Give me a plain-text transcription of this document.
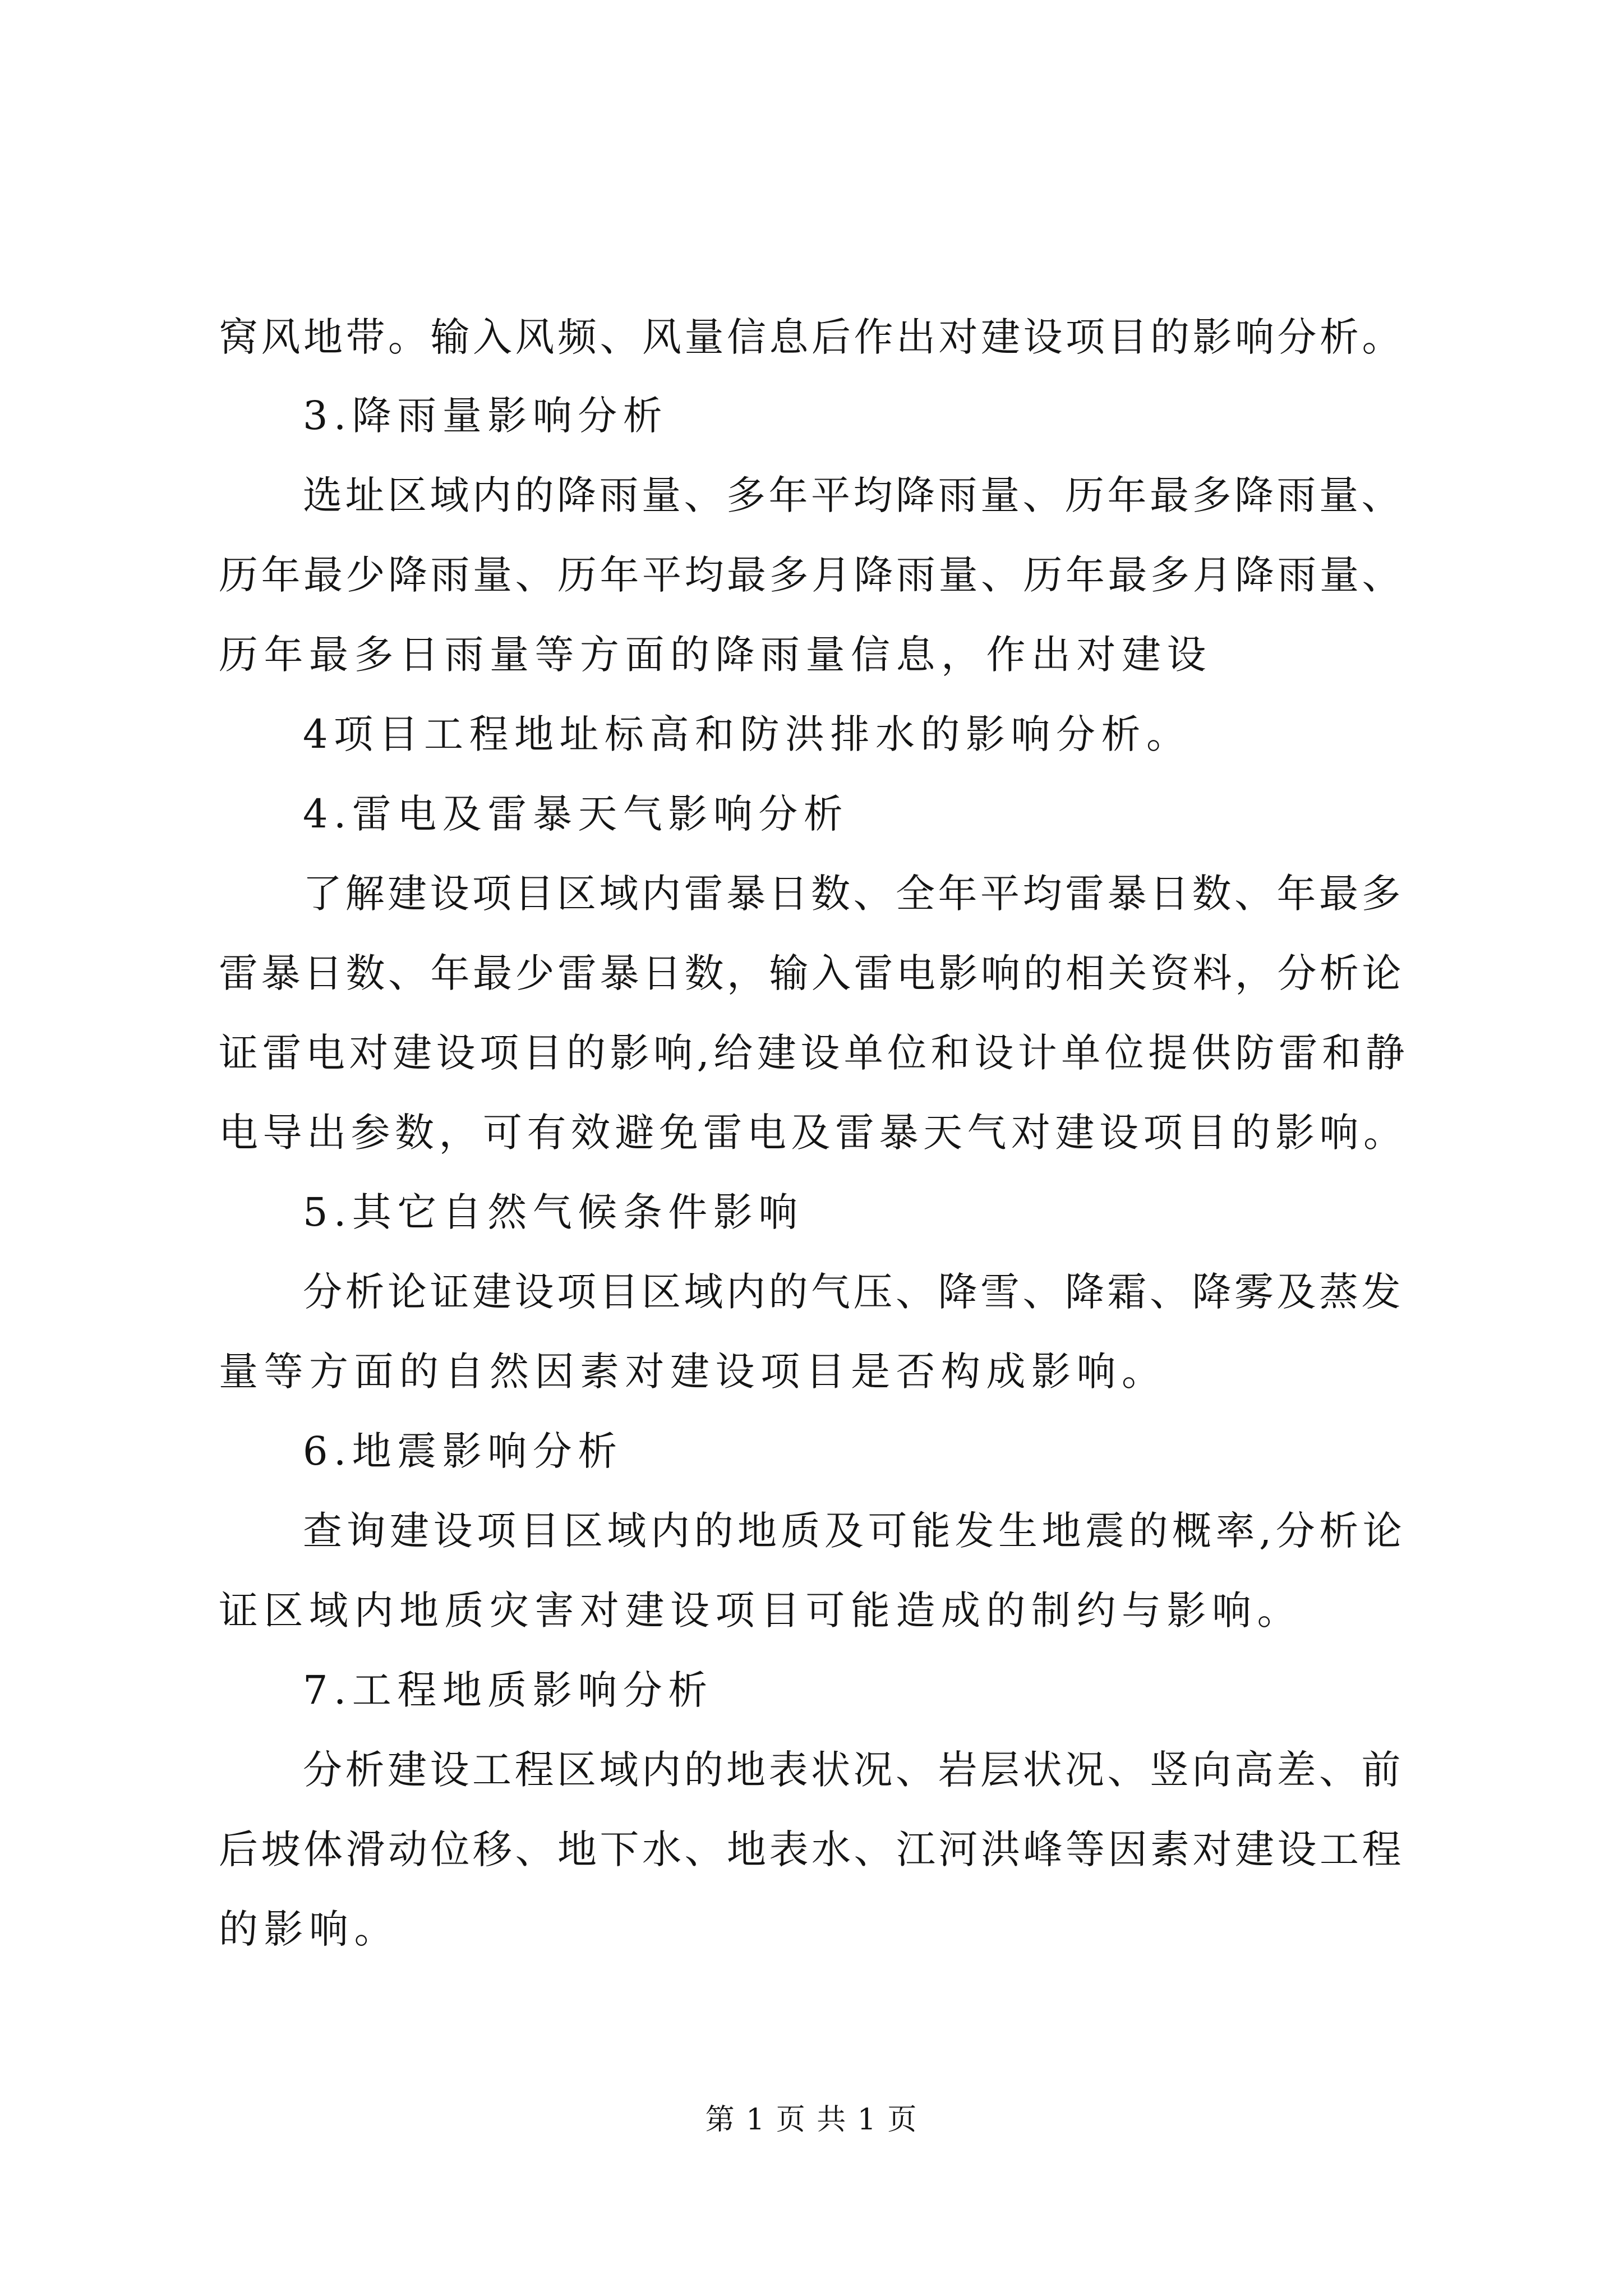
窝风地带。输入风频、风量信息后作出对建设项目的影响分析。
3.降雨量影响分析
选址区域内的降雨量、多年平均降雨量、历年最多降雨量、
历年最少降雨量、历年平均最多月降雨量、历年最多月降雨量、
历年最多日雨量等方面的降雨量信息，作出对建设
4项目工程地址标高和防洪排水的影响分析。
4.雷电及雷暴天气影响分析
了解建设项目区域内雷暴日数、全年平均雷暴日数、年最多
雷暴日数、年最少雷暴日数，输入雷电影响的相关资料，分析论
证雷电对建设项目的影响,给建设单位和设计单位提供防雷和静
电导出参数，可有效避免雷电及雷暴天气对建设项目的影响。
5.其它自然气候条件影响
分析论证建设项目区域内的气压、降雪、降霜、降雾及蒸发
量等方面的自然因素对建设项目是否构成影响。
6.地震影响分析
查询建设项目区域内的地质及可能发生地震的概率,分析论
证区域内地质灾害对建设项目可能造成的制约与影响。
7.工程地质影响分析
分析建设工程区域内的地表状况、岩层状况、竖向高差、前
后坡体滑动位移、地下水、地表水、江河洪峰等因素对建设工程
的影响。
第 1 页 共 1 页
